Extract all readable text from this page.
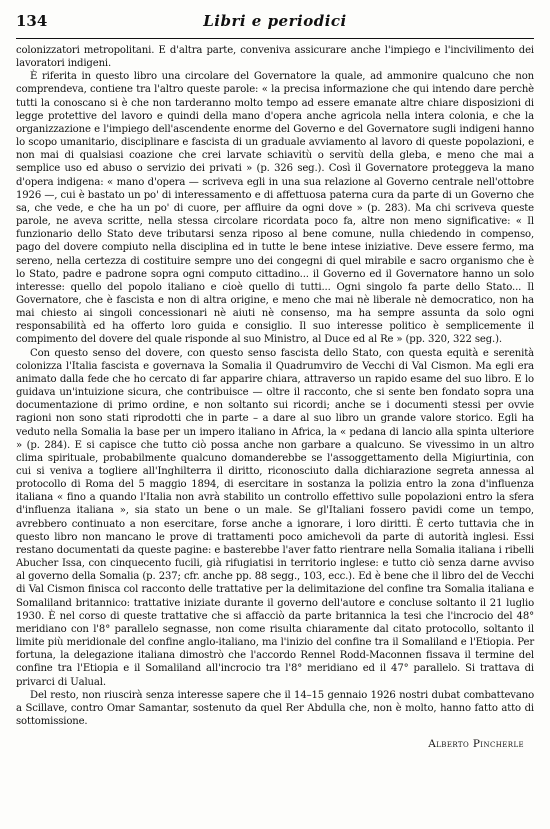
134	Libri e periodici

colonizzatori metropolitani. E d'altra parte, conveniva assicurare anche l'impiego e l'incivilimento dei lavoratori indigeni.

È riferita in questo libro una circolare del Governatore la quale, ad ammonire qualcuno che non comprendeva, contiene tra l'altro queste parole: « la precisa informazione che qui intendo dare perchè tutti la conoscano si è che non tarderanno molto tempo ad essere emanate altre chiare disposizioni di legge protettive del lavoro e quindi della mano d'opera anche agricola nella intera colonia, e che la organizzazione e l'impiego dell'ascendente enorme del Governo e del Governatore sugli indigeni hanno lo scopo umanitario, disciplinare e fascista di un graduale avviamento al lavoro di queste popolazioni, e non mai di qualsiasi coazione che crei larvate schiavitù o servitù della gleba, e meno che mai a semplice uso ed abuso o servizio dei privati » (p. 326 seg.). Così il Governatore proteggeva la mano d'opera indigena: « mano d'opera — scriveva egli in una sua relazione al Governo centrale nell'ottobre 1926 —, cui è bastato un po' di interessamento e di affettuosa paterna cura da parte di un Governo che sa, che vede, e che ha un po' di cuore, per affluire da ogni dove » (p. 283). Ma chi scriveva queste parole, ne aveva scritte, nella stessa circolare ricordata poco fa, altre non meno significative: « Il funzionario dello Stato deve tributarsi senza riposo al bene comune, nulla chiedendo in compenso, pago del dovere compiuto nella disciplina ed in tutte le bene intese iniziative. Deve essere fermo, ma sereno, nella certezza di costituire sempre uno dei congegni di quel mirabile e sacro organismo che è lo Stato, padre e padrone sopra ogni computo cittadino... il Governo ed il Governatore hanno un solo interesse: quello del popolo italiano e cioè quello di tutti... Ogni singolo fa parte dello Stato... Il Governatore, che è fascista e non di altra origine, e meno che mai nè liberale nè democratico, non ha mai chiesto ai singoli concessionari nè aiuti nè consenso, ma ha sempre assunta da solo ogni responsabilità ed ha offerto loro guida e consiglio. Il suo interesse politico è semplicemente il compimento del dovere del quale risponde al suo Ministro, al Duce ed al Re » (pp. 320, 322 seg.).

Con questo senso del dovere, con questo senso fascista dello Stato, con questa equità e serenità colonizza l'Italia fascista e governava la Somalia il Quadrumviro de Vecchi di Val Cismon. Ma egli era animato dalla fede che ho cercato di far apparire chiara, attraverso un rapido esame del suo libro. E lo guidava un'intuizione sicura, che contribuisce — oltre il racconto, che si sente ben fondato sopra una documentazione di primo ordine, e non soltanto sui ricordi; anche se i documenti stessi per ovvie ragioni non sono stati riprodotti che in parte – a dare al suo libro un grande valore storico. Egli ha veduto nella Somalia la base per un impero italiano in Africa, la « pedana di lancio alla spinta ulteriore » (p. 284). E si capisce che tutto ciò possa anche non garbare a qualcuno. Se vivessimo in un altro clima spirituale, probabilmente qualcuno domanderebbe se l'assoggettamento della Migiurtinia, con cui si veniva a togliere all'Inghilterra il diritto, riconosciuto dalla dichiarazione segreta annessa al protocollo di Roma del 5 maggio 1894, di esercitare in sostanza la polizia entro la zona d'influenza italiana « fino a quando l'Italia non avrà stabilito un controllo effettivo sulle popolazioni entro la sfera d'influenza italiana », sia stato un bene o un male. Se gl'Italiani fossero pavidi come un tempo, avrebbero continuato a non esercitare, forse anche a ignorare, i loro diritti. È certo tuttavia che in questo libro non mancano le prove di trattamenti poco amichevoli da parte di autorità inglesi. Essi restano documentati da queste pagine: e basterebbe l'aver fatto rientrare nella Somalia italiana i ribelli Abucher Issa, con cinquecento fucili, già rifugiatisi in territorio inglese: e tutto ciò senza darne avviso al governo della Somalia (p. 237; cfr. anche pp. 88 segg., 103, ecc.). Ed è bene che il libro del de Vecchi di Val Cismon finisca col racconto delle trattative per la delimitazione del confine tra Somalia italiana e Somaliland britannico: trattative iniziate durante il governo dell'autore e concluse soltanto il 21 luglio 1930. È nel corso di queste trattative che si affacciò da parte britannica la tesi che l'incrocio del 48° meridiano con l'8° parallelo segnasse, non come risulta chiaramente dal citato protocollo, soltanto il limite più meridionale del confine anglo-italiano, ma l'inizio del confine tra il Somaliland e l'Etiopia. Per fortuna, la delegazione italiana dimostrò che l'accordo Rennel Rodd-Maconnen fissava il termine del confine tra l'Etiopia e il Somaliland all'incrocio tra l'8° meridiano ed il 47° parallelo. Si trattava di privarci di Ualual.

Del resto, non riuscirà senza interesse sapere che il 14–15 gennaio 1926 nostri dubat combattevano a Scillave, contro Omar Samantar, sostenuto da quel Rer Abdulla che, non è molto, hanno fatto atto di sottomissione.

Alberto Pincherle
